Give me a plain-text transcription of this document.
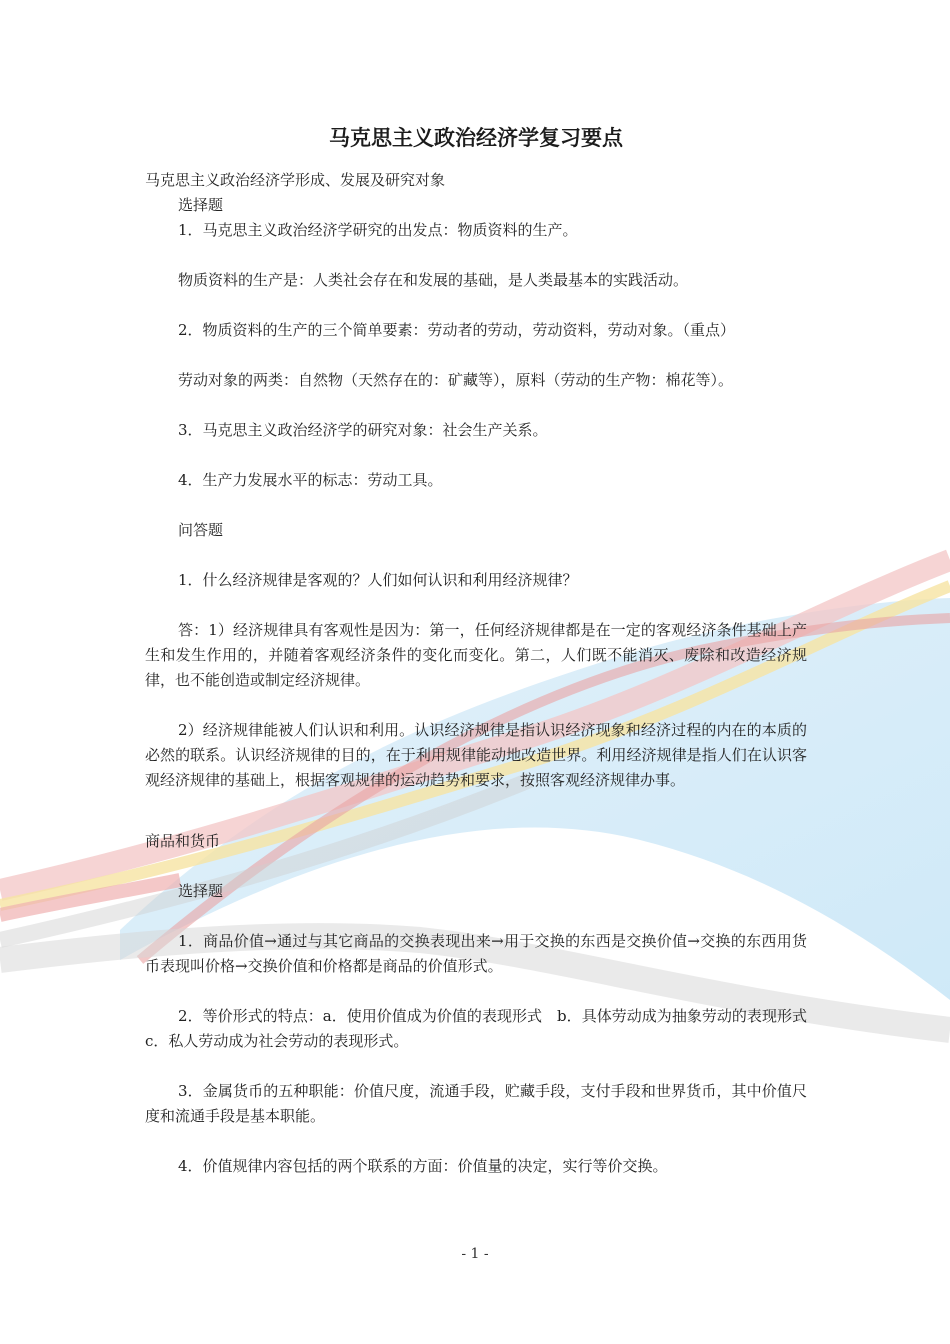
马克思主义政治经济学复习要点

马克思主义政治经济学形成、发展及研究对象

选择题

1．马克思主义政治经济学研究的出发点：物质资料的生产。

物质资料的生产是：人类社会存在和发展的基础，是人类最基本的实践活动。

2．物质资料的生产的三个简单要素：劳动者的劳动，劳动资料，劳动对象。（重点）

劳动对象的两类：自然物（天然存在的：矿藏等），原料（劳动的生产物：棉花等）。

3．马克思主义政治经济学的研究对象：社会生产关系。

4．生产力发展水平的标志：劳动工具。

问答题

1．什么经济规律是客观的？人们如何认识和利用经济规律？

答：1）经济规律具有客观性是因为：第一，任何经济规律都是在一定的客观经济条件基础上产生和发生作用的，并随着客观经济条件的变化而变化。第二，人们既不能消灭、废除和改造经济规律，也不能创造或制定经济规律。

2）经济规律能被人们认识和利用。认识经济规律是指认识经济现象和经济过程的内在的本质的必然的联系。认识经济规律的目的，在于利用规律能动地改造世界。利用经济规律是指人们在认识客观经济规律的基础上，根据客观规律的运动趋势和要求，按照客观经济规律办事。

商品和货币

选择题

1．商品价值→通过与其它商品的交换表现出来→用于交换的东西是交换价值→交换的东西用货币表现叫价格→交换价值和价格都是商品的价值形式。

2．等价形式的特点：a．使用价值成为价值的表现形式　b．具体劳动成为抽象劳动的表现形式　c．私人劳动成为社会劳动的表现形式。

3．金属货币的五种职能：价值尺度，流通手段，贮藏手段，支付手段和世界货币，其中价值尺度和流通手段是基本职能。

4．价值规律内容包括的两个联系的方面：价值量的决定，实行等价交换。

- 1 -
